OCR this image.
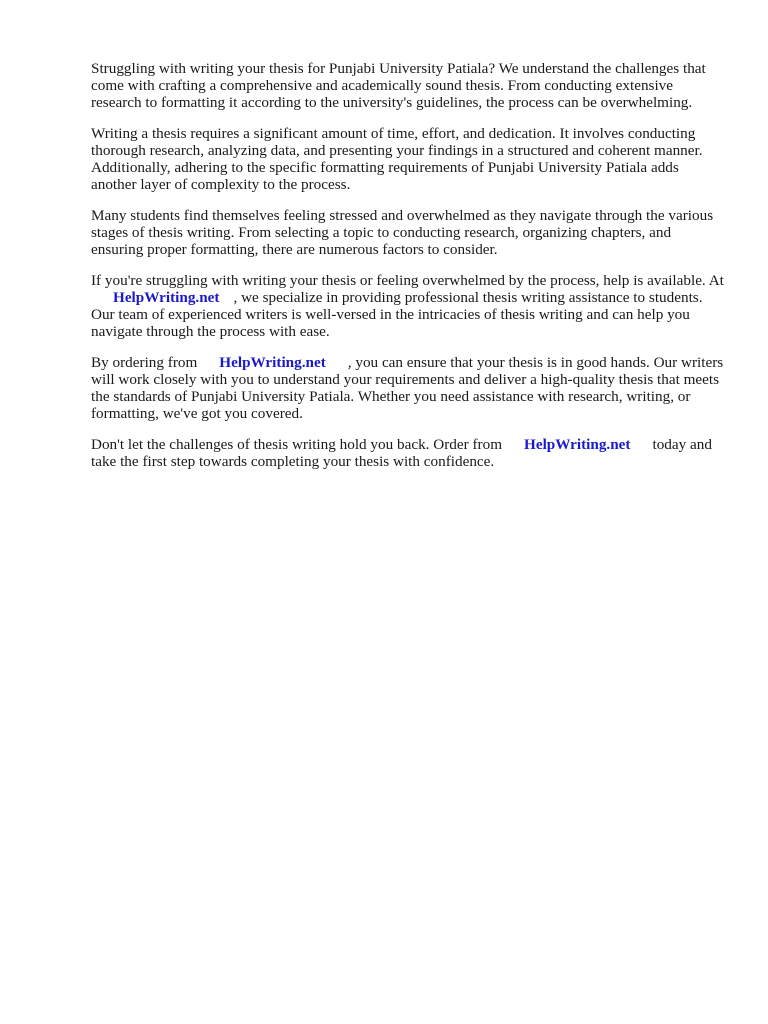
Struggling with writing your thesis for Punjabi University Patiala? We understand the challenges that come with crafting a comprehensive and academically sound thesis. From conducting extensive research to formatting it according to the university's guidelines, the process can be overwhelming.

Writing a thesis requires a significant amount of time, effort, and dedication. It involves conducting thorough research, analyzing data, and presenting your findings in a structured and coherent manner. Additionally, adhering to the specific formatting requirements of Punjabi University Patiala adds another layer of complexity to the process.

Many students find themselves feeling stressed and overwhelmed as they navigate through the various stages of thesis writing. From selecting a topic to conducting research, organizing chapters, and ensuring proper formatting, there are numerous factors to consider.

If you're struggling with writing your thesis or feeling overwhelmed by the process, help is available. AtHelpWriting.net , we specialize in providing professional thesis writing assistance to students. Our team of experienced writers is well-versed in the intricacies of thesis writing and can help you navigate through the process with ease.

By ordering from HelpWriting.net , you can ensure that your thesis is in good hands. Our writers will work closely with you to understand your requirements and deliver a high-quality thesis that meets the standards of Punjabi University Patiala. Whether you need assistance with research, writing, or formatting, we've got you covered.

Don't let the challenges of thesis writing hold you back. Order from HelpWriting.net today and take the first step towards completing your thesis with confidence.
